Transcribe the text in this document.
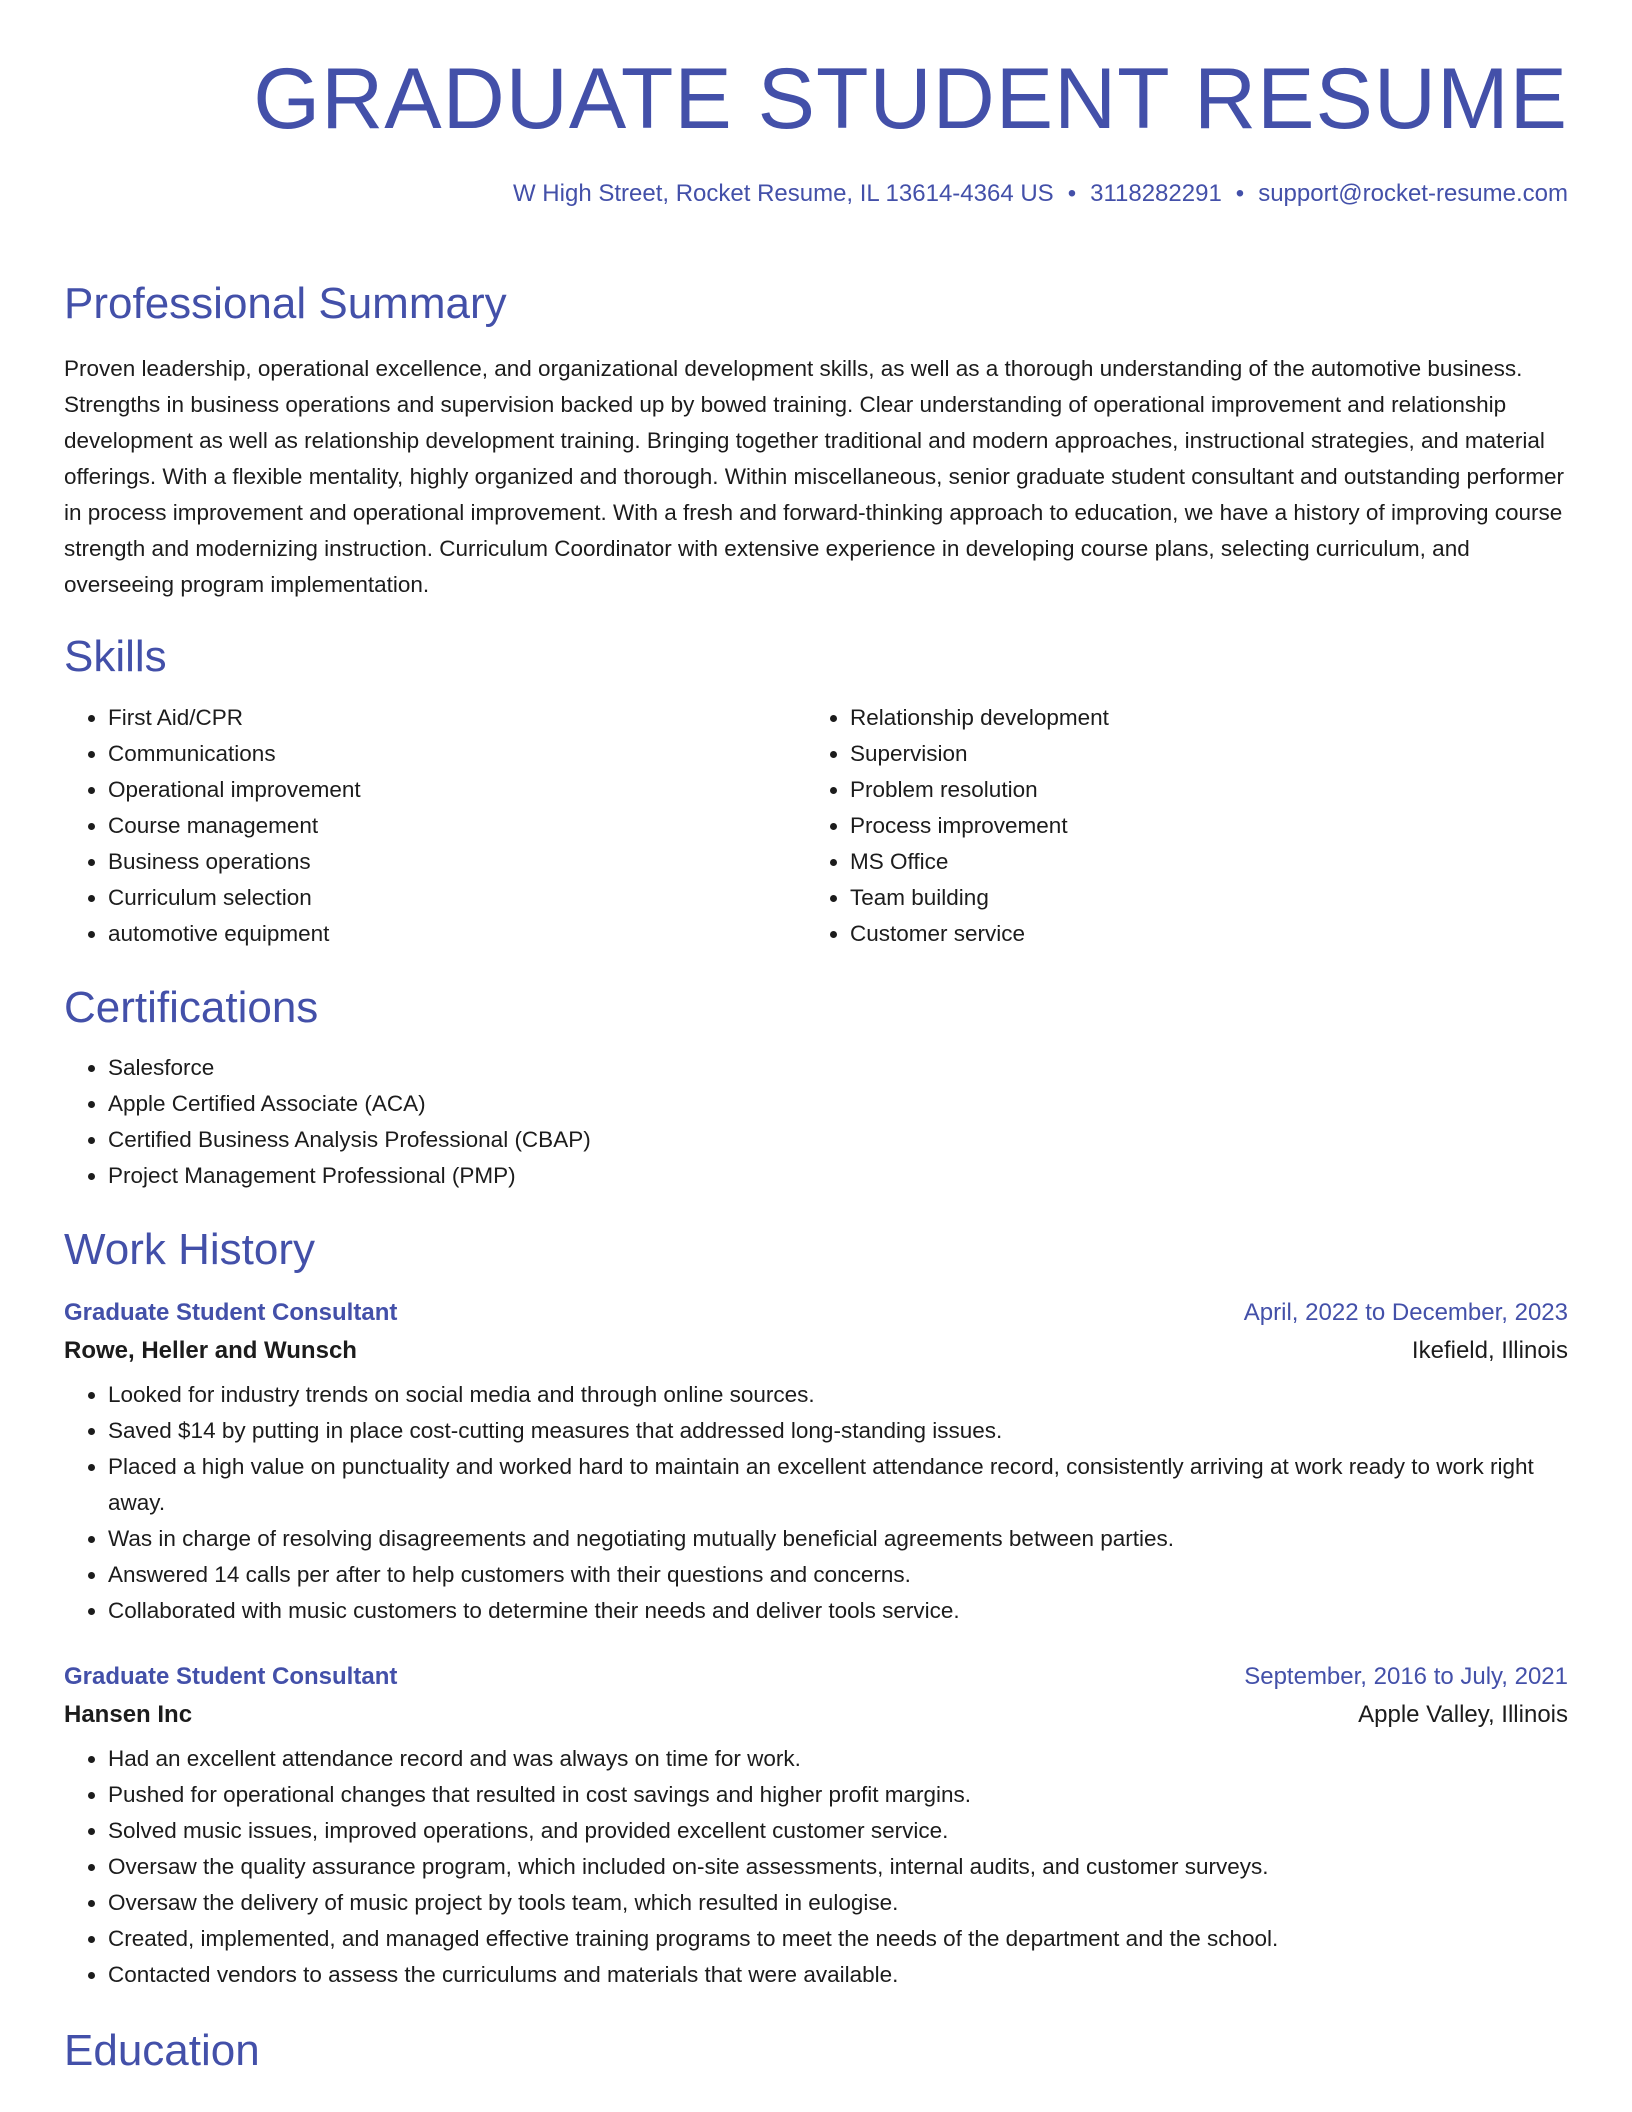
GRADUATE STUDENT RESUME
W High Street, Rocket Resume, IL 13614-4364 US • 3118282291 • support@rocket-resume.com
Professional Summary

Proven leadership, operational excellence, and organizational development skills, as well as a thorough understanding of the automotive business. Strengths in business operations and supervision backed up by bowed training. Clear understanding of operational improvement and relationship development as well as relationship development training. Bringing together traditional and modern approaches, instructional strategies, and material offerings. With a flexible mentality, highly organized and thorough. Within miscellaneous, senior graduate student consultant and outstanding performer in process improvement and operational improvement. With a fresh and forward-thinking approach to education, we have a history of improving course strength and modernizing instruction. Curriculum Coordinator with extensive experience in developing course plans, selecting curriculum, and overseeing program implementation.

Skills
• First Aid/CPR
• Communications
• Operational improvement
• Course management
• Business operations
• Curriculum selection
• automotive equipment
• Relationship development
• Supervision
• Problem resolution
• Process improvement
• MS Office
• Team building
• Customer service
Certifications
• Salesforce
• Apple Certified Associate (ACA)
• Certified Business Analysis Professional (CBAP)
• Project Management Professional (PMP)
Work History
Graduate Student Consultant	April, 2022 to December, 2023
Rowe, Heller and Wunsch	Ikefield, Illinois
• Looked for industry trends on social media and through online sources.
• Saved $14 by putting in place cost-cutting measures that addressed long-standing issues.
• Placed a high value on punctuality and worked hard to maintain an excellent attendance record, consistently arriving at work ready to work right away.
• Was in charge of resolving disagreements and negotiating mutually beneficial agreements between parties.
• Answered 14 calls per after to help customers with their questions and concerns.
• Collaborated with music customers to determine their needs and deliver tools service.
Graduate Student Consultant	September, 2016 to July, 2021
Hansen Inc	Apple Valley, Illinois
• Had an excellent attendance record and was always on time for work.
• Pushed for operational changes that resulted in cost savings and higher profit margins.
• Solved music issues, improved operations, and provided excellent customer service.
• Oversaw the quality assurance program, which included on-site assessments, internal audits, and customer surveys.
• Oversaw the delivery of music project by tools team, which resulted in eulogise.
• Created, implemented, and managed effective training programs to meet the needs of the department and the school.
• Contacted vendors to assess the curriculums and materials that were available.
Education
